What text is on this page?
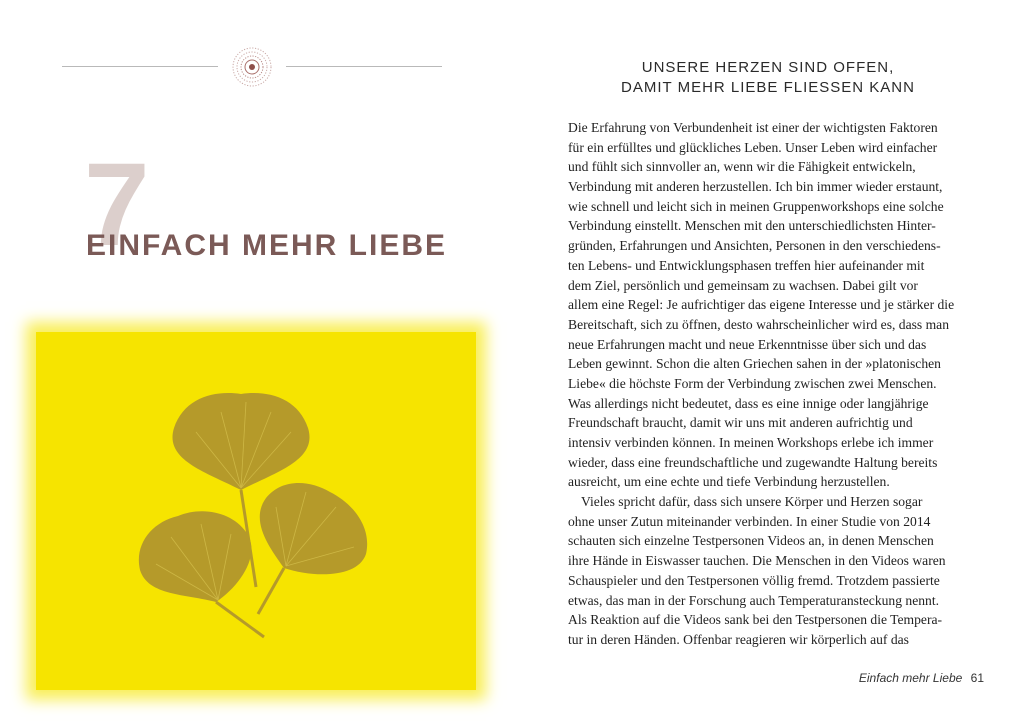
7
EINFACH MEHR LIEBE
UNSERE HERZEN SIND OFFEN,
DAMIT MEHR LIEBE FLIESSEN KANN
Die Erfahrung von Verbundenheit ist einer der wichtigsten Faktoren
für ein erfülltes und glückliches Leben. Unser Leben wird einfacher
und fühlt sich sinnvoller an, wenn wir die Fähigkeit entwickeln,
Verbindung mit anderen herzustellen. Ich bin immer wieder erstaunt,
wie schnell und leicht sich in meinen Gruppenworkshops eine solche
Verbindung einstellt. Menschen mit den unterschiedlichsten Hinter-
gründen, Erfahrungen und Ansichten, Personen in den verschiedens-
ten Lebens- und Entwicklungsphasen treffen hier aufeinander mit
dem Ziel, persönlich und gemeinsam zu wachsen. Dabei gilt vor
allem eine Regel: Je aufrichtiger das eigene Interesse und je stärker die
Bereitschaft, sich zu öffnen, desto wahrscheinlicher wird es, dass man
neue Erfahrungen macht und neue Erkenntnisse über sich und das
Leben gewinnt. Schon die alten Griechen sahen in der »platonischen
Liebe« die höchste Form der Verbindung zwischen zwei Menschen.
Was allerdings nicht bedeutet, dass es eine innige oder langjährige
Freundschaft braucht, damit wir uns mit anderen aufrichtig und
intensiv verbinden können. In meinen Workshops erlebe ich immer
wieder, dass eine freundschaftliche und zugewandte Haltung bereits
ausreicht, um eine echte und tiefe Verbindung herzustellen.
Vieles spricht dafür, dass sich unsere Körper und Herzen sogar
ohne unser Zutun miteinander verbinden. In einer Studie von 2014
schauten sich einzelne Testpersonen Videos an, in denen Menschen
ihre Hände in Eiswasser tauchen. Die Menschen in den Videos waren
Schauspieler und den Testpersonen völlig fremd. Trotzdem passierte
etwas, das man in der Forschung auch Temperaturansteckung nennt.
Als Reaktion auf die Videos sank bei den Testpersonen die Tempera-
tur in deren Händen. Offenbar reagieren wir körperlich auf das
Einfach mehr Liebe 61
